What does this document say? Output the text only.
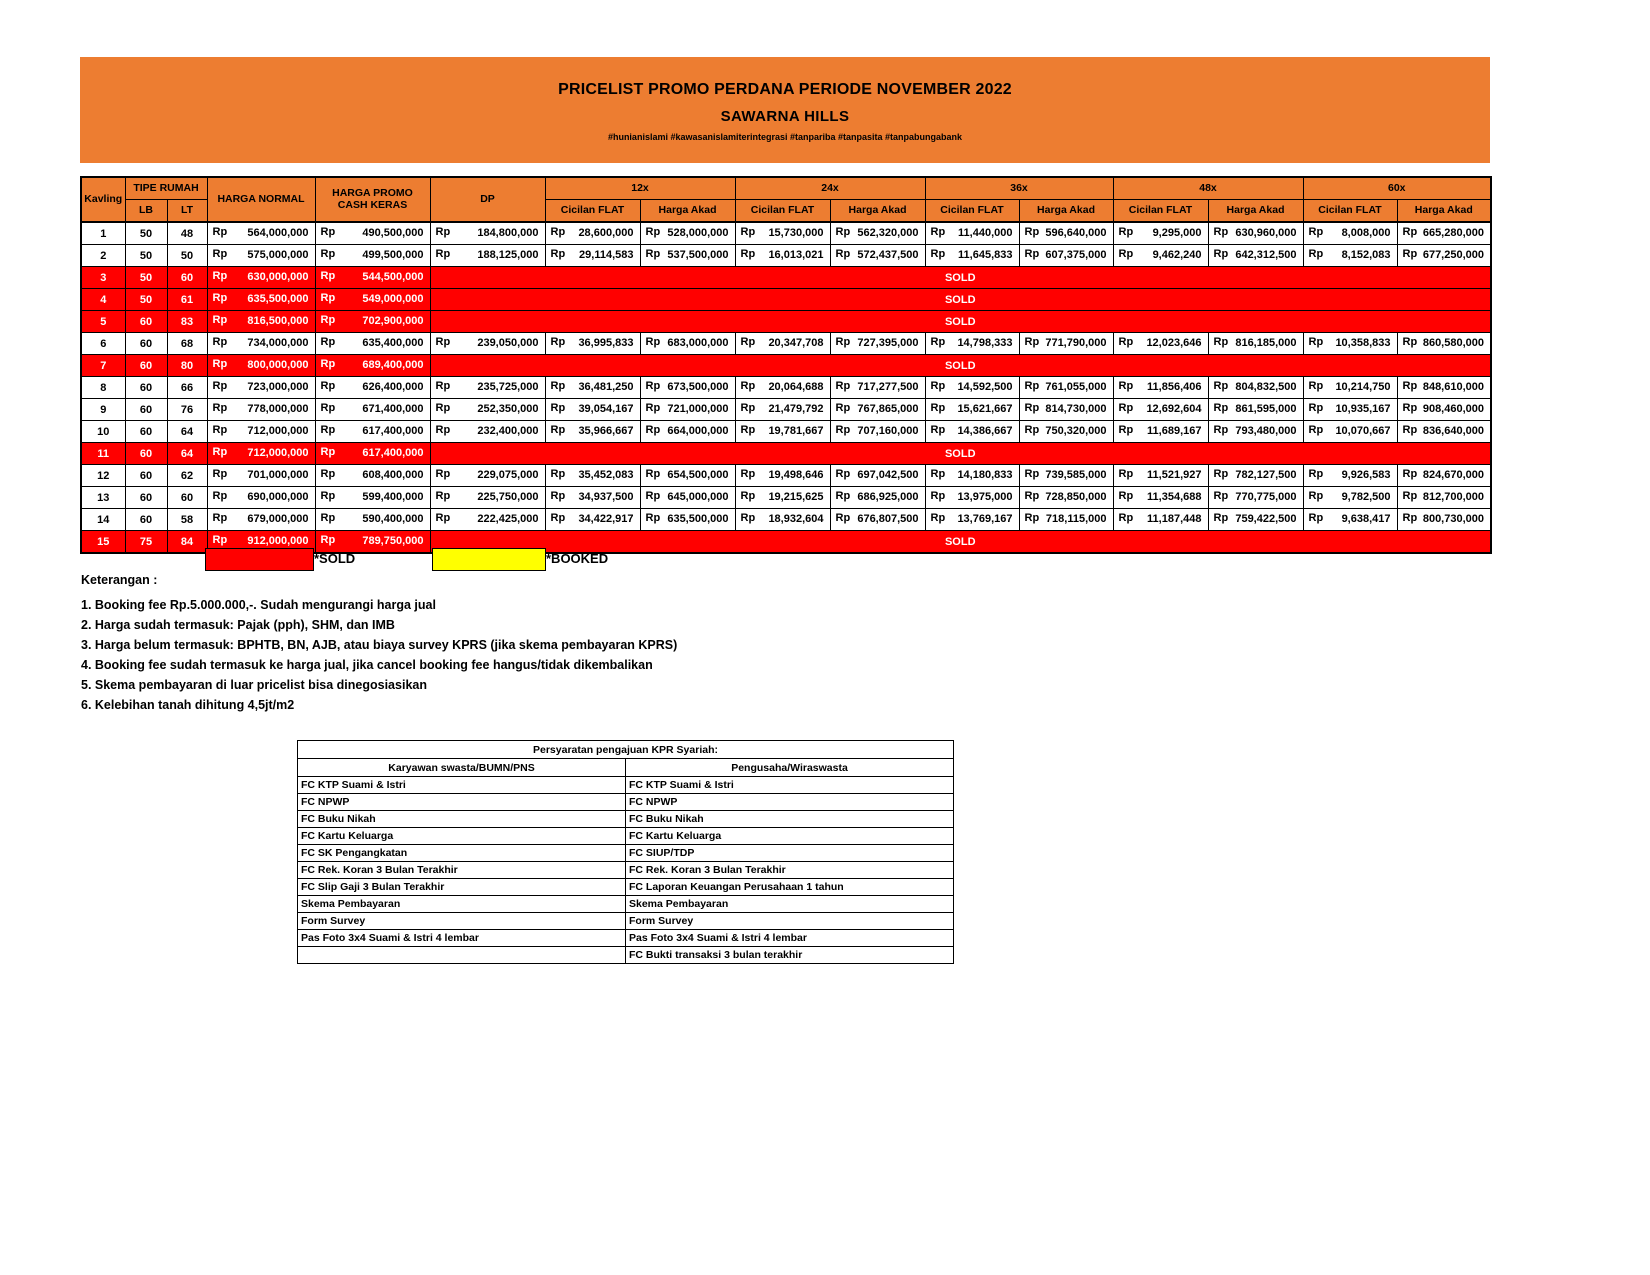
PRICELIST PROMO PERDANA PERIODE NOVEMBER 2022
SAWARNA HILLS
#hunianislami #kawasanislamiterintegrasi #tanpariba #tanpasita #tanpabungabank
Kavling	TIPE RUMAH		HARGA NORMAL	HARGA PROMO CASH KERAS	DP	12x		24x		36x		48x		60x	
	LB	LT				Cicilan FLAT	Harga Akad	Cicilan FLAT	Harga Akad	Cicilan FLAT	Harga Akad	Cicilan FLAT	Harga Akad	Cicilan FLAT	Harga Akad
1	50	48	Rp 564,000,000	Rp 490,500,000	Rp 184,800,000	Rp 28,600,000	Rp 528,000,000	Rp 15,730,000	Rp 562,320,000	Rp 11,440,000	Rp 596,640,000	Rp 9,295,000	Rp 630,960,000	Rp 8,008,000	Rp 665,280,000

2	50	50	Rp 575,000,000	Rp 499,500,000	Rp 188,125,000	Rp 29,114,583	Rp 537,500,000	Rp 16,013,021	Rp 572,437,500	Rp 11,645,833	Rp 607,375,000	Rp 9,462,240	Rp 642,312,500	Rp 8,152,083	Rp 677,250,000

3	50	60	Rp 630,000,000	Rp 544,500,000	SOLD										
4	50	61	Rp 635,500,000	Rp 549,000,000	SOLD										
5	60	83	Rp 816,500,000	Rp 702,900,000	SOLD										
6	60	68	Rp 734,000,000	Rp 635,400,000	Rp 239,050,000	Rp 36,995,833	Rp 683,000,000	Rp 20,347,708	Rp 727,395,000	Rp 14,798,333	Rp 771,790,000	Rp 12,023,646	Rp 816,185,000	Rp 10,358,833	Rp 860,580,000

7	60	80	Rp 800,000,000	Rp 689,400,000	SOLD										
8	60	66	Rp 723,000,000	Rp 626,400,000	Rp 235,725,000	Rp 36,481,250	Rp 673,500,000	Rp 20,064,688	Rp 717,277,500	Rp 14,592,500	Rp 761,055,000	Rp 11,856,406	Rp 804,832,500	Rp 10,214,750	Rp 848,610,000

9	60	76	Rp 778,000,000	Rp 671,400,000	Rp 252,350,000	Rp 39,054,167	Rp 721,000,000	Rp 21,479,792	Rp 767,865,000	Rp 15,621,667	Rp 814,730,000	Rp 12,692,604	Rp 861,595,000	Rp 10,935,167	Rp 908,460,000

10	60	64	Rp 712,000,000	Rp 617,400,000	Rp 232,400,000	Rp 35,966,667	Rp 664,000,000	Rp 19,781,667	Rp 707,160,000	Rp 14,386,667	Rp 750,320,000	Rp 11,689,167	Rp 793,480,000	Rp 10,070,667	Rp 836,640,000

11	60	64	Rp 712,000,000	Rp 617,400,000	SOLD										
12	60	62	Rp 701,000,000	Rp 608,400,000	Rp 229,075,000	Rp 35,452,083	Rp 654,500,000	Rp 19,498,646	Rp 697,042,500	Rp 14,180,833	Rp 739,585,000	Rp 11,521,927	Rp 782,127,500	Rp 9,926,583	Rp 824,670,000

13	60	60	Rp 690,000,000	Rp 599,400,000	Rp 225,750,000	Rp 34,937,500	Rp 645,000,000	Rp 19,215,625	Rp 686,925,000	Rp 13,975,000	Rp 728,850,000	Rp 11,354,688	Rp 770,775,000	Rp 9,782,500	Rp 812,700,000

14	60	58	Rp 679,000,000	Rp 590,400,000	Rp 222,425,000	Rp 34,422,917	Rp 635,500,000	Rp 18,932,604	Rp 676,807,500	Rp 13,769,167	Rp 718,115,000	Rp 11,187,448	Rp 759,422,500	Rp 9,638,417	Rp 800,730,000

15	75	84	Rp 912,000,000	Rp 789,750,000	SOLD										
*SOLD	*BOOKED
Keterangan :
1. Booking fee Rp.5.000.000,-. Sudah mengurangi harga jual
2. Harga sudah termasuk: Pajak (pph), SHM, dan IMB
3. Harga belum termasuk: BPHTB, BN, AJB, atau biaya survey KPRS (jika skema pembayaran KPRS)
4. Booking fee sudah termasuk ke harga jual, jika cancel booking fee hangus/tidak dikembalikan
5. Skema pembayaran di luar pricelist bisa dinegosiasikan
6. Kelebihan tanah dihitung 4,5jt/m2
Persyaratan pengajuan KPR Syariah:	
Karyawan swasta/BUMN/PNS	Pengusaha/Wiraswasta
FC KTP Suami & Istri	FC KTP Suami & Istri
FC NPWP	FC NPWP
FC Buku Nikah	FC Buku Nikah
FC Kartu Keluarga	FC Kartu Keluarga
FC SK Pengangkatan	FC SIUP/TDP
FC Rek. Koran 3 Bulan Terakhir	FC Rek. Koran 3 Bulan Terakhir
FC Slip Gaji 3 Bulan Terakhir	FC Laporan Keuangan Perusahaan 1 tahun
Skema Pembayaran	Skema Pembayaran
Form Survey	Form Survey
Pas Foto 3x4 Suami & Istri 4 lembar	Pas Foto 3x4 Suami & Istri 4 lembar
	FC Bukti transaksi 3 bulan terakhir
